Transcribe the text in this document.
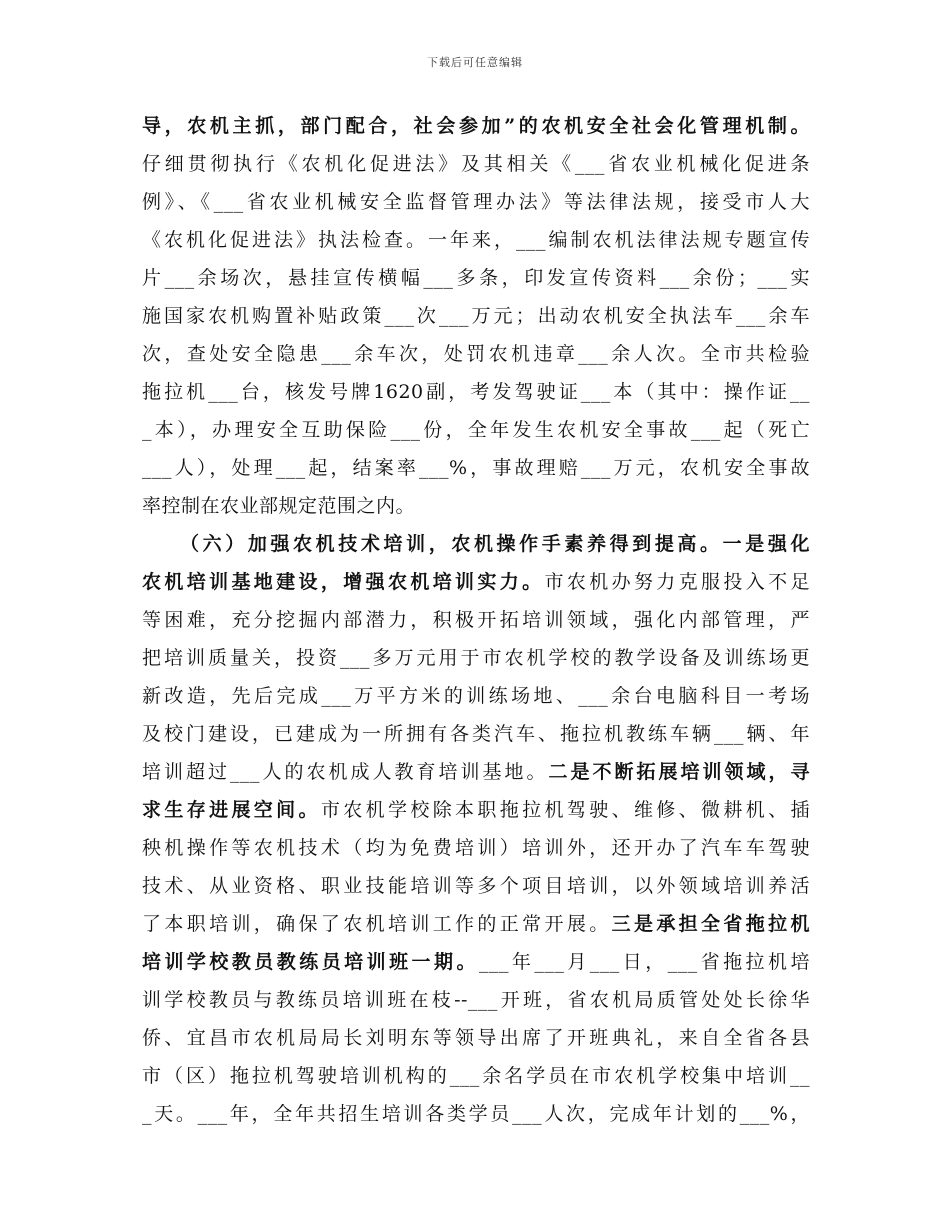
下载后可任意编辑
导，农机主抓，部门配合，社会参加”的农机安全社会化管理机制。
仔细贯彻执行《农机化促进法》及其相关《___省农业机械化促进条
例》、《___省农业机械安全监督管理办法》等法律法规，接受市人大
《农机化促进法》执法检查。一年来，___编制农机法律法规专题宣传
片___余场次，悬挂宣传横幅___多条，印发宣传资料___余份；___实
施国家农机购置补贴政策___次___万元；出动农机安全执法车___余车
次，查处安全隐患___余车次，处罚农机违章___余人次。全市共检验
拖拉机___台，核发号牌1620副，考发驾驶证___本（其中：操作证__
_本），办理安全互助保险___份，全年发生农机安全事故___起（死亡
___人），处理___起，结案率___%，事故理赔___万元，农机安全事故
率控制在农业部规定范围之内。
（六）加强农机技术培训，农机操作手素养得到提高。一是强化
农机培训基地建设，增强农机培训实力。市农机办努力克服投入不足
等困难，充分挖掘内部潜力，积极开拓培训领域，强化内部管理，严
把培训质量关，投资___多万元用于市农机学校的教学设备及训练场更
新改造，先后完成___万平方米的训练场地、___余台电脑科目一考场
及校门建设，已建成为一所拥有各类汽车、拖拉机教练车辆___辆、年
培训超过___人的农机成人教育培训基地。二是不断拓展培训领域，寻
求生存进展空间。市农机学校除本职拖拉机驾驶、维修、微耕机、插
秧机操作等农机技术（均为免费培训）培训外，还开办了汽车车驾驶
技术、从业资格、职业技能培训等多个项目培训，以外领域培训养活
了本职培训，确保了农机培训工作的正常开展。三是承担全省拖拉机
培训学校教员教练员培训班一期。___年___月___日，___省拖拉机培
训学校教员与教练员培训班在枝--___开班，省农机局质管处处长徐华
侨、宜昌市农机局局长刘明东等领导出席了开班典礼，来自全省各县
市（区）拖拉机驾驶培训机构的___余名学员在市农机学校集中培训__
_天。___年，全年共招生培训各类学员___人次，完成年计划的___%，
